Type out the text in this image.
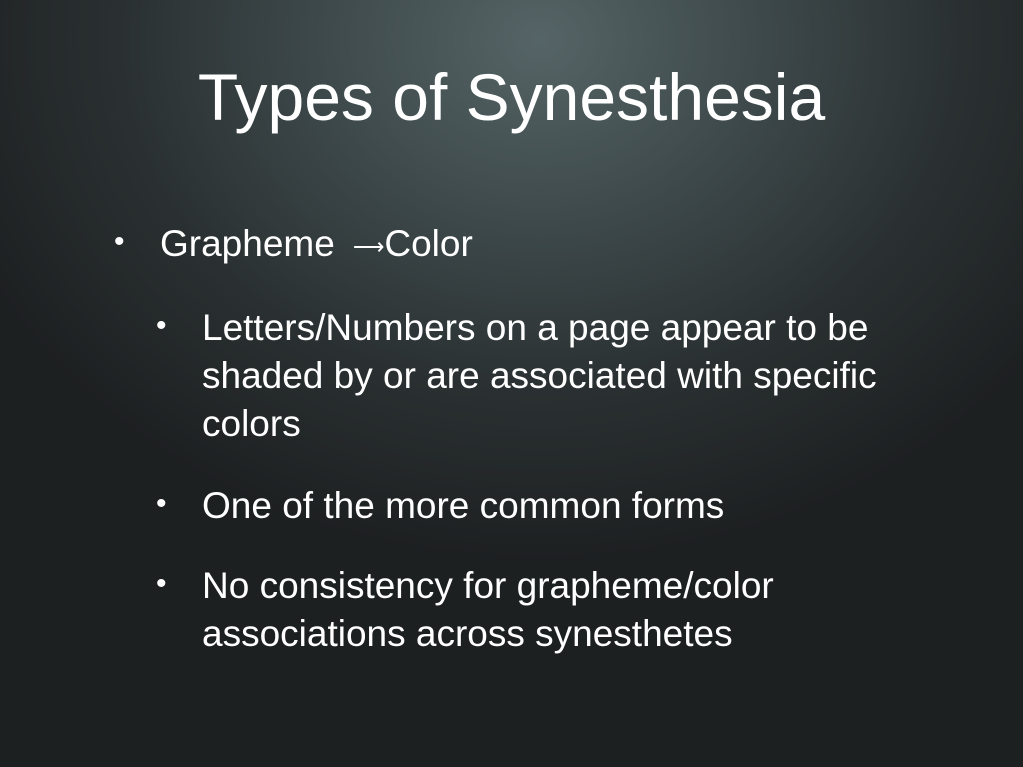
Types of Synesthesia
• Grapheme ⟶Color
• Letters/Numbers on a page appear to be shaded by or are associated with specific colors
• One of the more common forms
• No consistency for grapheme/color associations across synesthetes
